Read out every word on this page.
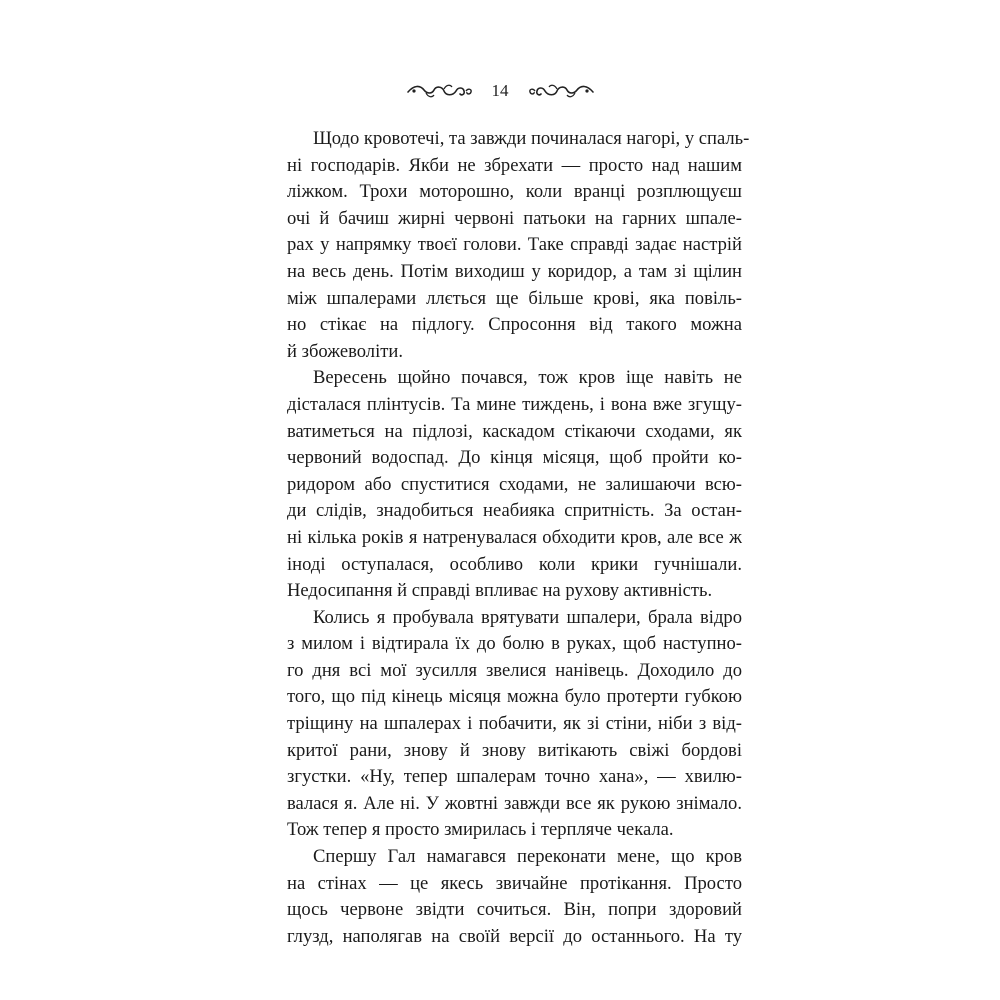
14

Щодо кровотечі, та завжди починалася нагорі, у спаль-
ні господарів. Якби не збрехати — просто над нашим
ліжком. Трохи моторошно, коли вранці розплющуєш
очі й бачиш жирні червоні патьоки на гарних шпале-
рах у напрямку твоєї голови. Таке справді задає настрій
на весь день. Потім виходиш у коридор, а там зі щілин
між шпалерами ллється ще більше крові, яка повіль-
но стікає на підлогу. Спросоння від такого можна
й збожеволіти.

Вересень щойно почався, тож кров іще навіть не
дісталася плінтусів. Та мине тиждень, і вона вже згущу-
ватиметься на підлозі, каскадом стікаючи сходами, як
червоний водоспад. До кінця місяця, щоб пройти ко-
ридором або спуститися сходами, не залишаючи всю-
ди слідів, знадобиться неабияка спритність. За остан-
ні кілька років я натренувалася обходити кров, але все ж
іноді оступалася, особливо коли крики гучнішали.
Недосипання й справді впливає на рухову активність.

Колись я пробувала врятувати шпалери, брала відро
з милом і відтирала їх до болю в руках, щоб наступно-
го дня всі мої зусилля звелися нанівець. Доходило до
того, що під кінець місяця можна було протерти губкою
тріщину на шпалерах і побачити, як зі стіни, ніби з від-
критої рани, знову й знову витікають свіжі бордові
згустки. «Ну, тепер шпалерам точно хана», — хвилю-
валася я. Але ні. У жовтні завжди все як рукою знімало.
Тож тепер я просто змирилась і терпляче чекала.

Спершу Гал намагався переконати мене, що кров
на стінах — це якесь звичайне протікання. Просто
щось червоне звідти сочиться. Він, попри здоровий
глузд, наполягав на своїй версії до останнього. На ту
